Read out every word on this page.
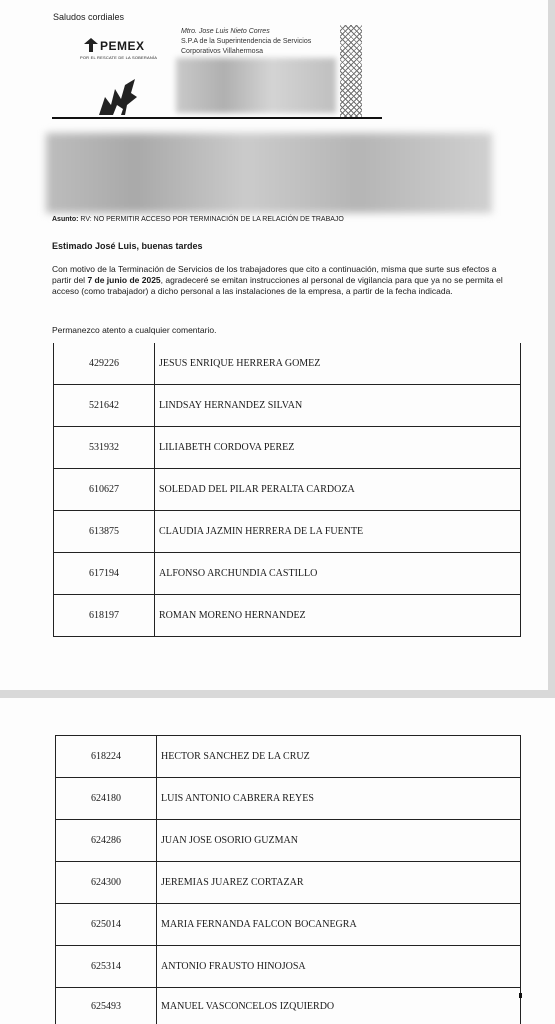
Saludos cordiales
PEMEX
POR EL RESCATE DE LA SOBERANÍA
Mtro. Jose Luis Nieto Corres
S.P.A de la Superintendencia de Servicios
Corporativos Villahermosa
Asunto: RV: NO PERMITIR ACCESO POR TERMINACIÓN DE LA RELACIÓN DE TRABAJO
Estimado José Luis, buenas tardes
Con motivo de la Terminación de Servicios de los trabajadores que cito a continuación, misma que surte sus efectos a partir del 7 de junio de 2025, agradeceré se emitan instrucciones al personal de vigilancia para que ya no se permita el acceso (como trabajador) a dicho personal a las instalaciones de la empresa, a partir de la fecha indicada.
Permanezco atento a cualquier comentario.
429226	JESUS ENRIQUE HERRERA GOMEZ
521642	LINDSAY HERNANDEZ SILVAN
531932	LILIABETH CORDOVA PEREZ
610627	SOLEDAD DEL PILAR PERALTA CARDOZA
613875	CLAUDIA JAZMIN HERRERA DE LA FUENTE
617194	ALFONSO ARCHUNDIA CASTILLO
618197	ROMAN MORENO HERNANDEZ
618224	HECTOR SANCHEZ DE LA CRUZ
624180	LUIS ANTONIO CABRERA REYES
624286	JUAN JOSE OSORIO GUZMAN
624300	JEREMIAS JUAREZ CORTAZAR
625014	MARIA FERNANDA FALCON BOCANEGRA
625314	ANTONIO FRAUSTO HINOJOSA
625493	MANUEL VASCONCELOS IZQUIERDO
